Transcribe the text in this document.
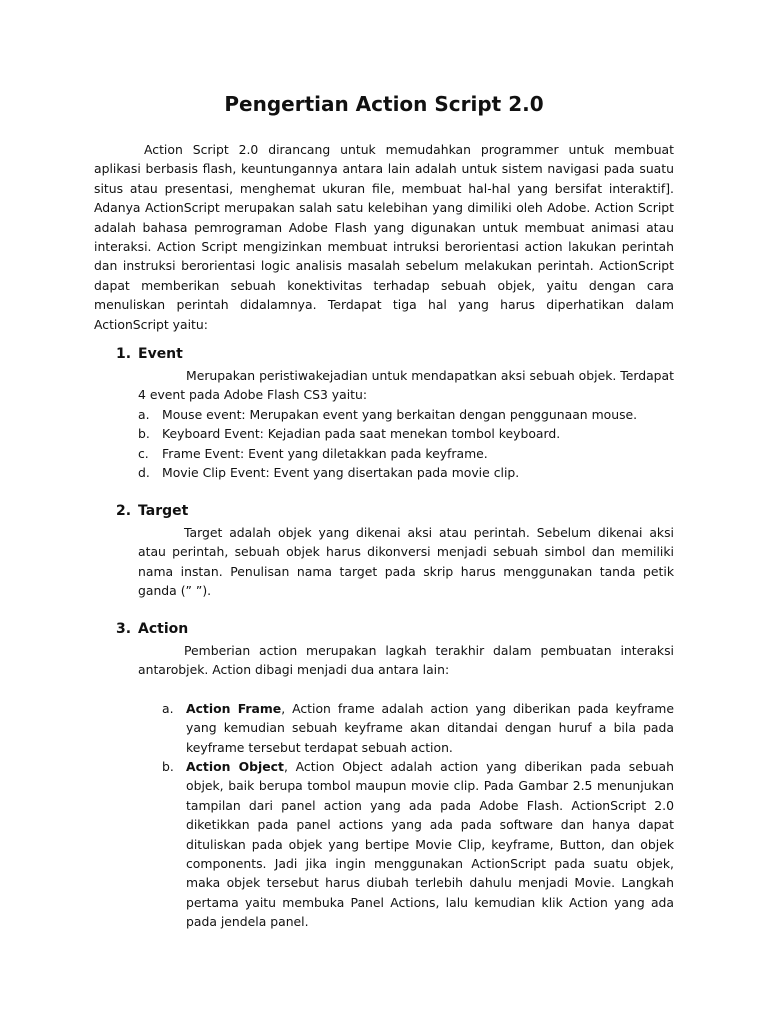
Pengertian Action Script 2.0

Action Script 2.0 dirancang untuk memudahkan programmer untuk membuat aplikasi berbasis flash, keuntungannya antara lain adalah untuk sistem navigasi pada suatu situs atau presentasi, menghemat ukuran file, membuat hal-hal yang bersifat interaktif]. Adanya ActionScript merupakan salah satu kelebihan yang dimiliki oleh Adobe. Action Script adalah bahasa pemrograman Adobe Flash yang digunakan untuk membuat animasi atau interaksi. Action Script mengizinkan membuat intruksi berorientasi action lakukan perintah dan instruksi berorientasi logic analisis masalah sebelum melakukan perintah. ActionScript dapat memberikan sebuah konektivitas terhadap sebuah objek, yaitu dengan cara menuliskan perintah didalamnya. Terdapat tiga hal yang harus diperhatikan dalam ActionScript yaitu:

1. Event

Merupakan peristiwakejadian untuk mendapatkan aksi sebuah objek. Terdapat 4 event pada Adobe Flash CS3 yaitu:

a. Mouse event: Merupakan event yang berkaitan dengan penggunaan mouse.
b. Keyboard Event: Kejadian pada saat menekan tombol keyboard.
c. Frame Event: Event yang diletakkan pada keyframe.
d. Movie Clip Event: Event yang disertakan pada movie clip.

2. Target

Target adalah objek yang dikenai aksi atau perintah. Sebelum dikenai aksi atau perintah, sebuah objek harus dikonversi menjadi sebuah simbol dan memiliki nama instan. Penulisan nama target pada skrip harus menggunakan tanda petik ganda (” ”).

3. Action

Pemberian action merupakan lagkah terakhir dalam pembuatan interaksi antarobjek. Action dibagi menjadi dua antara lain:

a. Action Frame, Action frame adalah action yang diberikan pada keyframe yang kemudian sebuah keyframe akan ditandai dengan huruf a bila pada keyframe tersebut terdapat sebuah action.
b. Action Object, Action Object adalah action yang diberikan pada sebuah objek, baik berupa tombol maupun movie clip. Pada Gambar 2.5 menunjukan tampilan dari panel action yang ada pada Adobe Flash. ActionScript 2.0 diketikkan pada panel actions yang ada pada software dan hanya dapat dituliskan pada objek yang bertipe Movie Clip, keyframe, Button, dan objek components. Jadi jika ingin menggunakan ActionScript pada suatu objek, maka objek tersebut harus diubah terlebih dahulu menjadi Movie. Langkah pertama yaitu membuka Panel Actions, lalu kemudian klik Action yang ada pada jendela panel.
